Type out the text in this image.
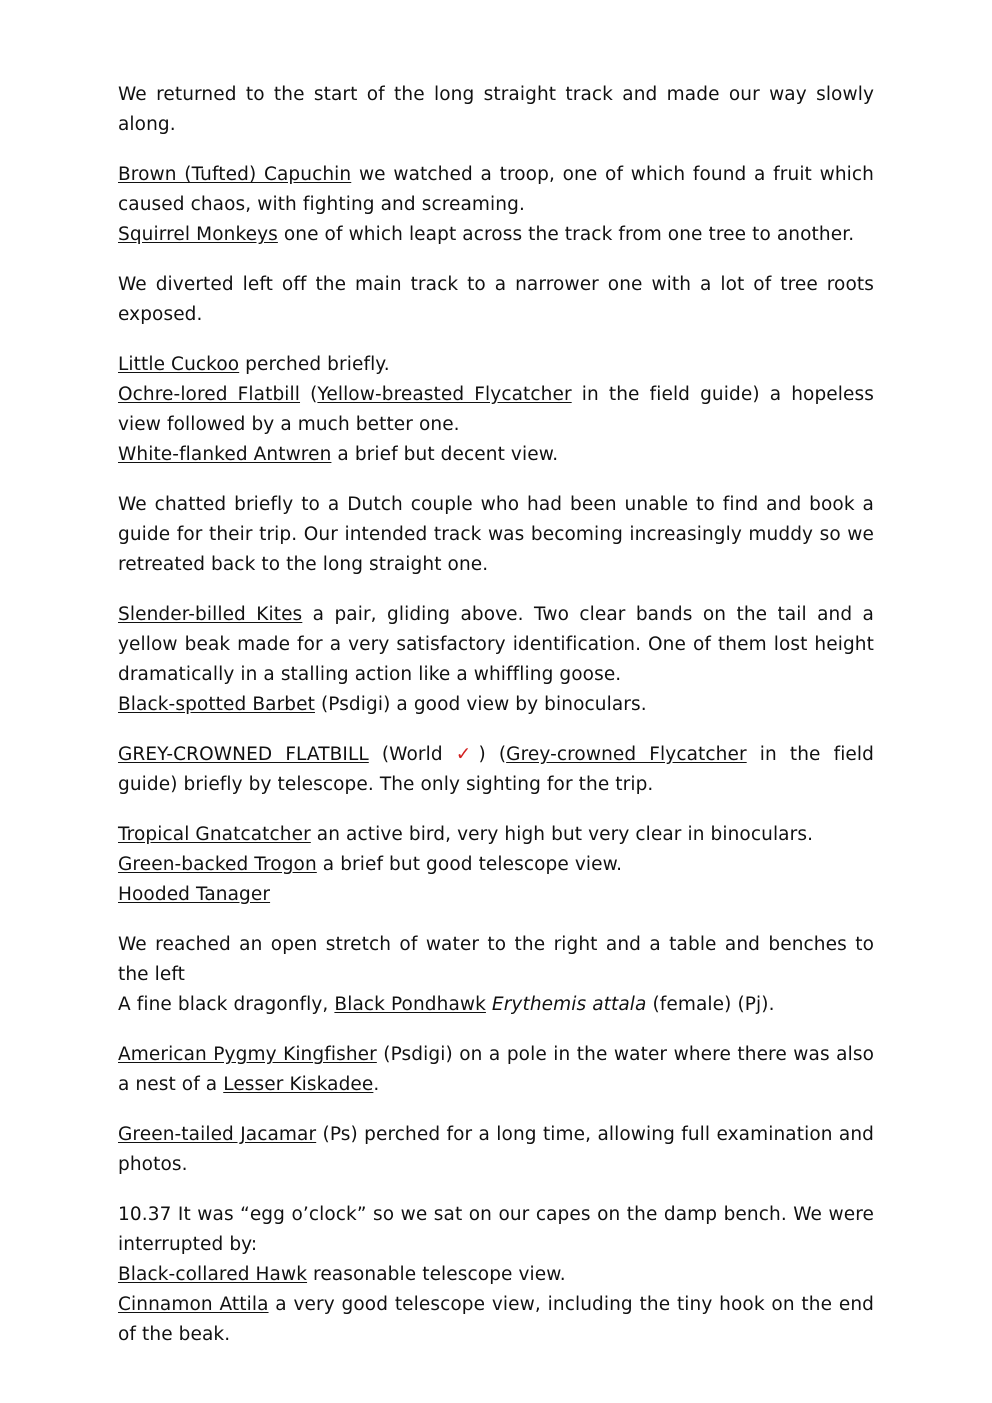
We returned to the start of the long straight track and made our way slowly along.

Brown (Tufted) Capuchin we watched a troop, one of which found a fruit which caused chaos, with fighting and screaming.
Squirrel Monkeys one of which leapt across the track from one tree to another.

We diverted left off the main track to a narrower one with a lot of tree roots exposed.

Little Cuckoo perched briefly.
Ochre-lored Flatbill (Yellow-breasted Flycatcher in the field guide) a hopeless view followed by a much better one.
White-flanked Antwren a brief but decent view.

We chatted briefly to a Dutch couple who had been unable to find and book a guide for their trip. Our intended track was becoming increasingly muddy so we retreated back to the long straight one.

Slender-billed Kites a pair, gliding above. Two clear bands on the tail and a yellow beak made for a very satisfactory identification. One of them lost height dramatically in a stalling action like a whiffling goose.
Black-spotted Barbet (Psdigi) a good view by binoculars.

GREY-CROWNED FLATBILL (World ✓) (Grey-crowned Flycatcher in the field guide) briefly by telescope. The only sighting for the trip.

Tropical Gnatcatcher an active bird, very high but very clear in binoculars.
Green-backed Trogon a brief but good telescope view.
Hooded Tanager

We reached an open stretch of water to the right and a table and benches to the left
A fine black dragonfly, Black Pondhawk Erythemis attala (female) (Pj).

American Pygmy Kingfisher (Psdigi) on a pole in the water where there was also a nest of a Lesser Kiskadee.

Green-tailed Jacamar (Ps) perched for a long time, allowing full examination and photos.

10.37 It was “egg o’clock” so we sat on our capes on the damp bench. We were interrupted by:
Black-collared Hawk reasonable telescope view.
Cinnamon Attila a very good telescope view, including the tiny hook on the end of the beak.
